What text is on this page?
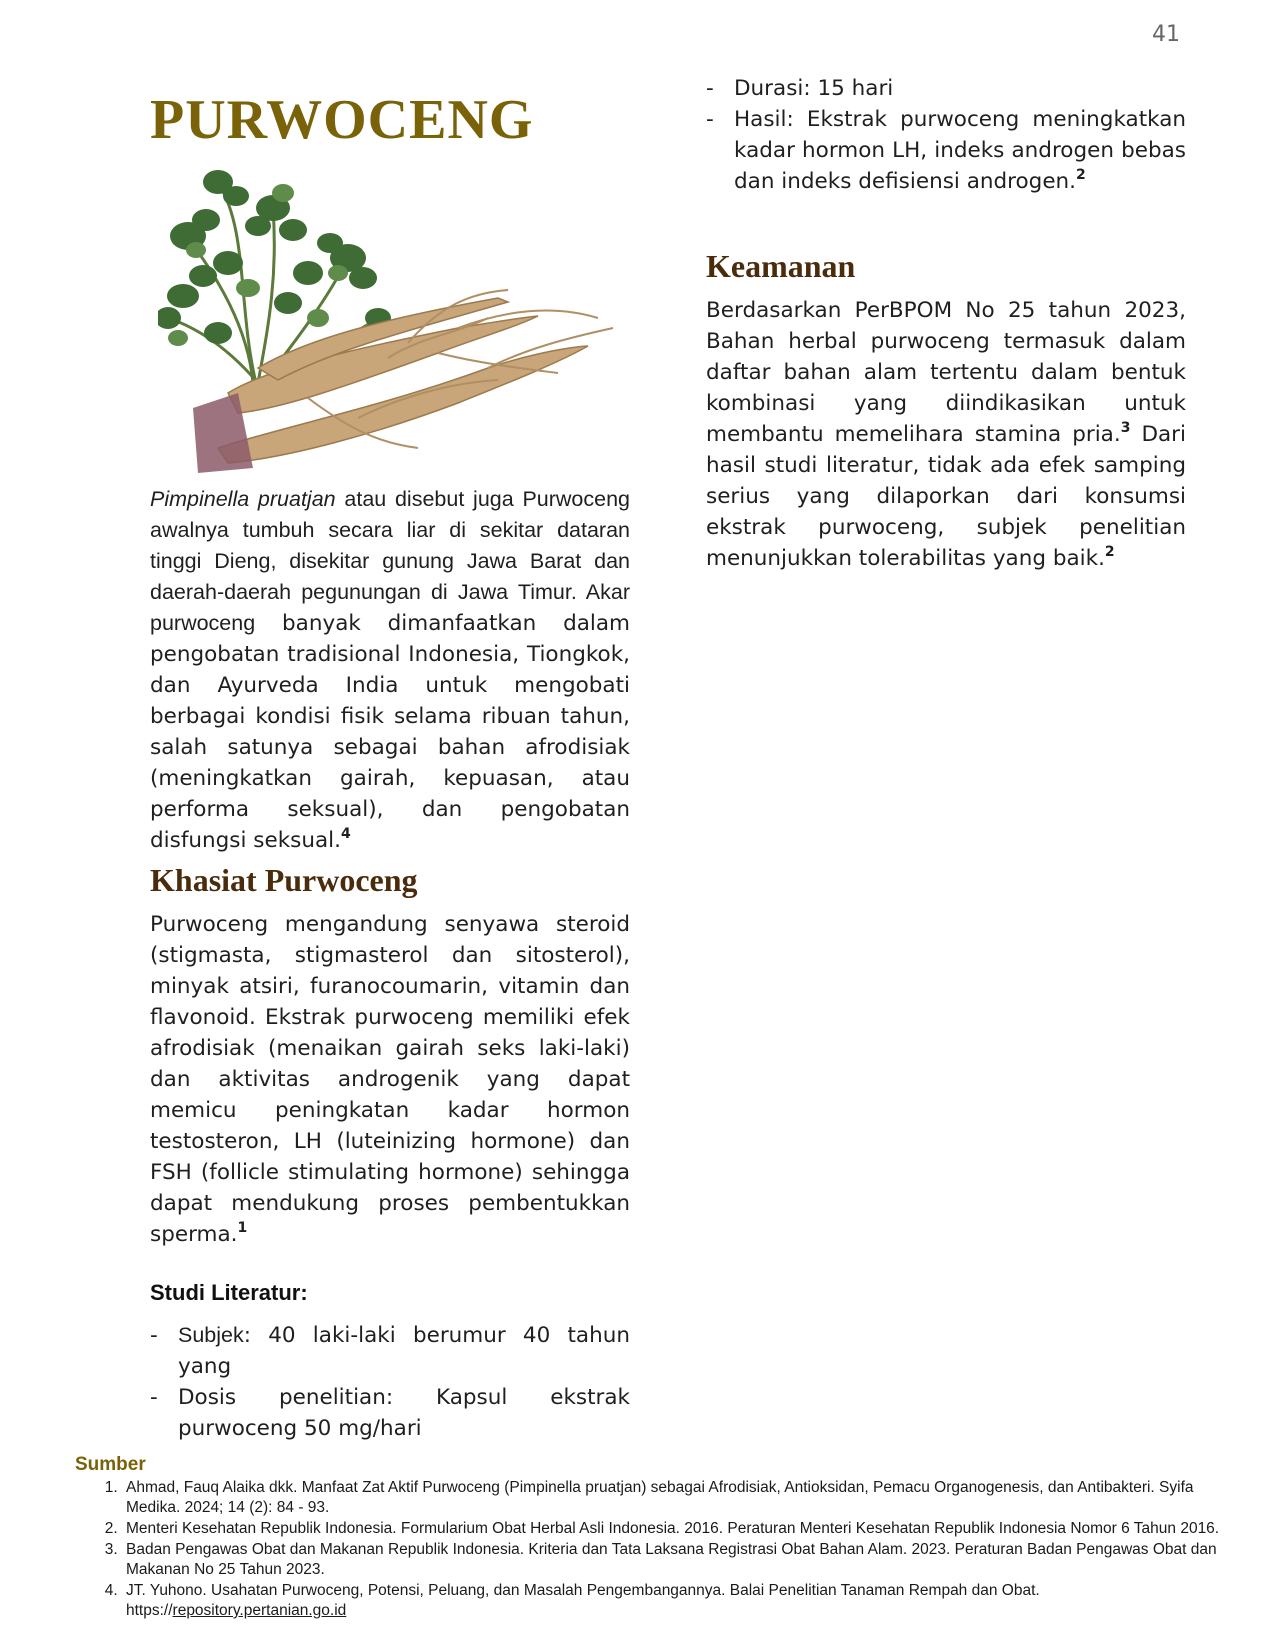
41
PURWOCENG

Pimpinella pruatjan atau disebut juga Purwoceng awalnya tumbuh secara liar di sekitar dataran tinggi Dieng, disekitar gunung Jawa Barat dan daerah-daerah pegunungan di Jawa Timur. Akar purwoceng banyak dimanfaatkan dalam pengobatan tradisional Indonesia, Tiongkok, dan Ayurveda India untuk mengobati berbagai kondisi fisik selama ribuan tahun, salah satunya sebagai bahan afrodisiak (meningkatkan gairah, kepuasan, atau performa seksual), dan pengobatan disfungsi seksual.$^4$

Khasiat Purwoceng

Purwoceng mengandung senyawa steroid (stigmasta, stigmasterol dan sitosterol), minyak atsiri, furanocoumarin, vitamin dan flavonoid. Ekstrak purwoceng memiliki efek afrodisiak (menaikan gairah seks laki-laki) dan aktivitas androgenik yang dapat memicu peningkatan kadar hormon testosteron, LH (luteinizing hormone) dan FSH (follicle stimulating hormone) sehingga dapat mendukung proses pembentukkan sperma.$^1$

Studi Literatur:
- Subjek: 40 laki-laki berumur 40 tahun yang
- Dosis penelitian: Kapsul ekstrak purwoceng 50 mg/hari
- Durasi: 15 hari
- Hasil: Ekstrak purwoceng meningkatkan kadar hormon LH, indeks androgen bebas dan indeks defisiensi androgen.$^2$
Keamanan

Berdasarkan PerBPOM No 25 tahun 2023, Bahan herbal purwoceng termasuk dalam daftar bahan alam tertentu dalam bentuk kombinasi yang diindikasikan untuk membantu memelihara stamina pria.$^3$ Dari hasil studi literatur, tidak ada efek samping serius yang dilaporkan dari konsumsi ekstrak purwoceng, subjek penelitian menunjukkan tolerabilitas yang baik.$^2$

Sumber
1. Ahmad, Fauq Alaika dkk. Manfaat Zat Aktif Purwoceng (Pimpinella pruatjan) sebagai Afrodisiak, Antioksidan, Pemacu Organogenesis, dan Antibakteri. Syifa Medika. 2024; 14 (2): 84 - 93.
2. Menteri Kesehatan Republik Indonesia. Formularium Obat Herbal Asli Indonesia. 2016. Peraturan Menteri Kesehatan Republik Indonesia Nomor 6 Tahun 2016.
3. Badan Pengawas Obat dan Makanan Republik Indonesia. Kriteria dan Tata Laksana Registrasi Obat Bahan Alam. 2023. Peraturan Badan Pengawas Obat dan Makanan No 25 Tahun 2023.
4. JT. Yuhono. Usahatan Purwoceng, Potensi, Peluang, dan Masalah Pengembangannya. Balai Penelitian Tanaman Rempah dan Obat.
https://repository.pertanian.go.id
